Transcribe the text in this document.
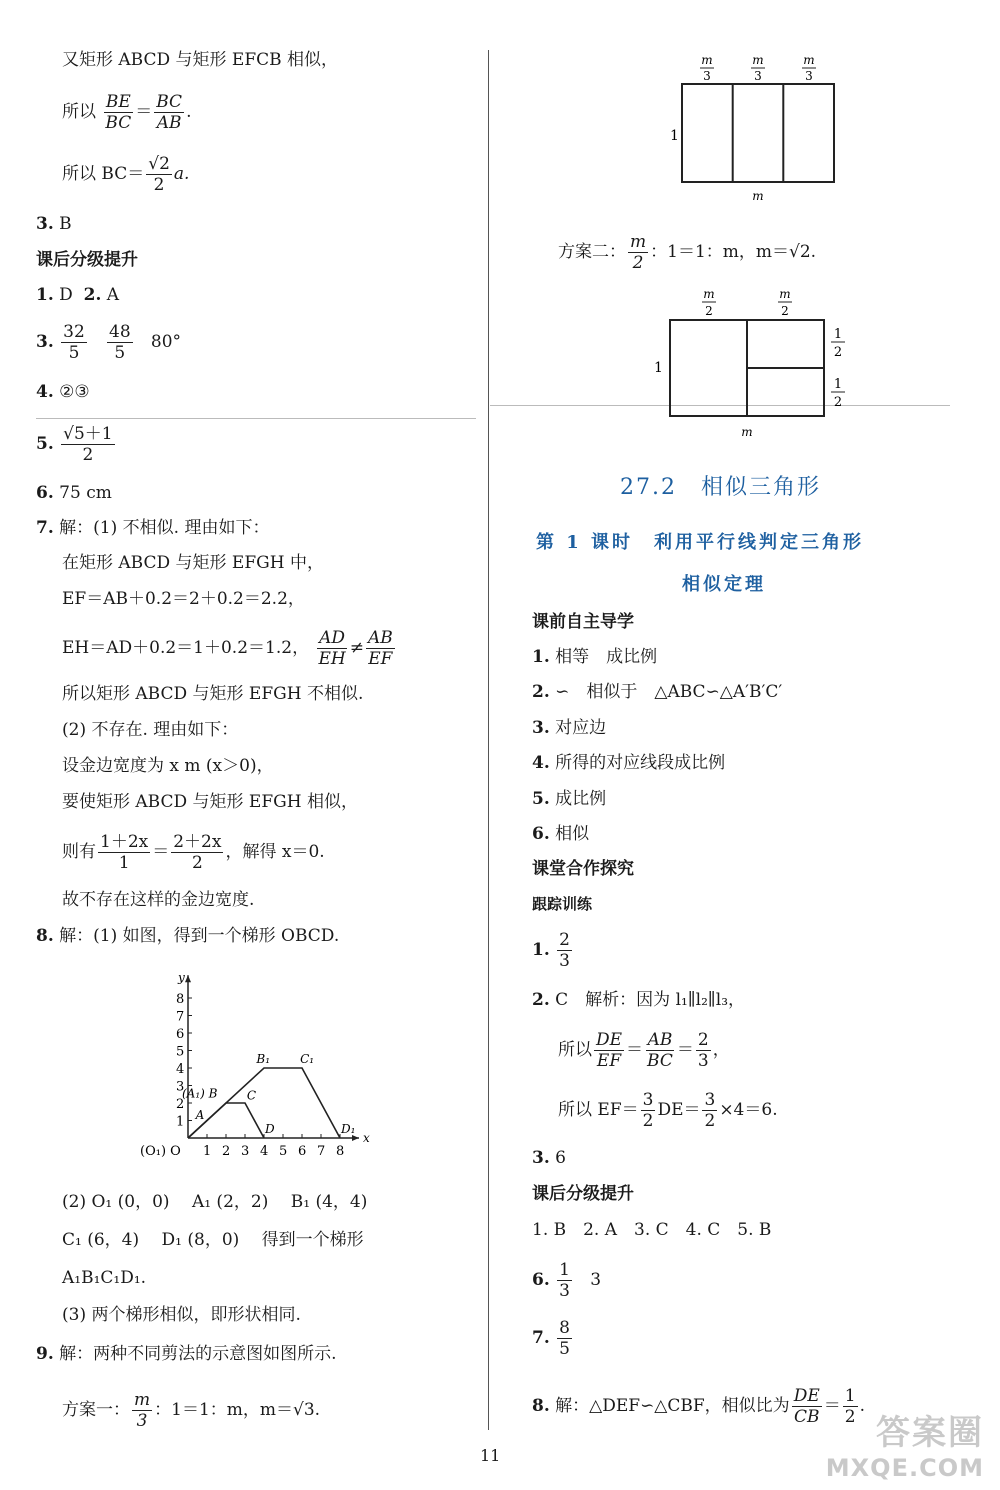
又矩形 ABCD 与矩形 EFCB 相似，
所以 $\frac{BE}{BC} = \frac{BC}{AB}$ .
所以 $BC= \frac{√2}{2} a$.
3. B
课后分级提升
1. D 2. A
3. $\frac{32}{5}$
$\frac{48}{5} 80^\circ$
4. ②③
5. $\frac{√5+1}{2}$
6. 75 cm
7. 解：(1) 不相似. 理由如下：
在矩形 ABCD 与矩形 EFGH 中，
EF＝AB＋0.2＝2＋0.2＝2.2，
EH＝AD＋0.2＝1＋0.2＝1.2， $\frac{AD}{EH} \ne \frac{AB}{EF}$
所以矩形 ABCD 与矩形 EFGH 不相似.
(2) 不存在. 理由如下：
设金边宽度为 x m (x＞0)，
要使矩形 ABCD 与矩形 EFGH 相似，
则有 $\frac{1+2x}{1} = \frac{2+2x}{2}$ ，解得 x＝0.
故不存在这样的金边宽度.
8. 解：(1) 如图，得到一个梯形 OBCD.
x
y
1
2
3
4
5
6
7
8
1 2 3 4 5 6 7 8
(O₁) O
A
(A₁) B C
D
B₁	C₁
D₁
(2) O₁ (0，0)　 A₁ (2，2)　 B₁ (4，4)
C₁ (6，4)　 D₁ (8，0)　 得到一个梯形
A₁B₁C₁D₁.
(3) 两个梯形相似，即形状相同.
9. 解：两种不同剪法的示意图如图所示.
方案一： $\frac{m}{3}$ ：1＝1：m，m＝√3.
m
3
m
3
m
3
1
m
方案二： $\frac{m}{2}$ ：1＝1：m，m＝√2.
m
2
m
2
1
1
2
1
2
m
27.2　相似三角形
第 1 课时　利用平行线判定三角形
相似定理
课前自主导学
1. 相等　成比例
2. ∽　相似于　△ABC∽△A′B′C′
3. 对应边
4. 所得的对应线段成比例
5. 成比例
6. 相似
课堂合作探究
跟踪训练
1. $\frac{2}{3}$
2. C　解析：因为 l₁∥l₂∥l₃，
所以 $\frac{DE}{EF} = \frac{AB}{BC} = \frac{2}{3}$ ，
所以 $EF= \frac{3}{2} DE= \frac{3}{2} \times 4=6$.
3. 6
课后分级提升
1. B　2. A　3. C　4. C　5. B
6. $\frac{1}{3} 3$
7. $\frac{8}{5}$
8. 解：△DEF∽△CBF，相似比为 $\frac{DE}{CB} = \frac{1}{2}$ .
11
答案圈
MXQE.COM
